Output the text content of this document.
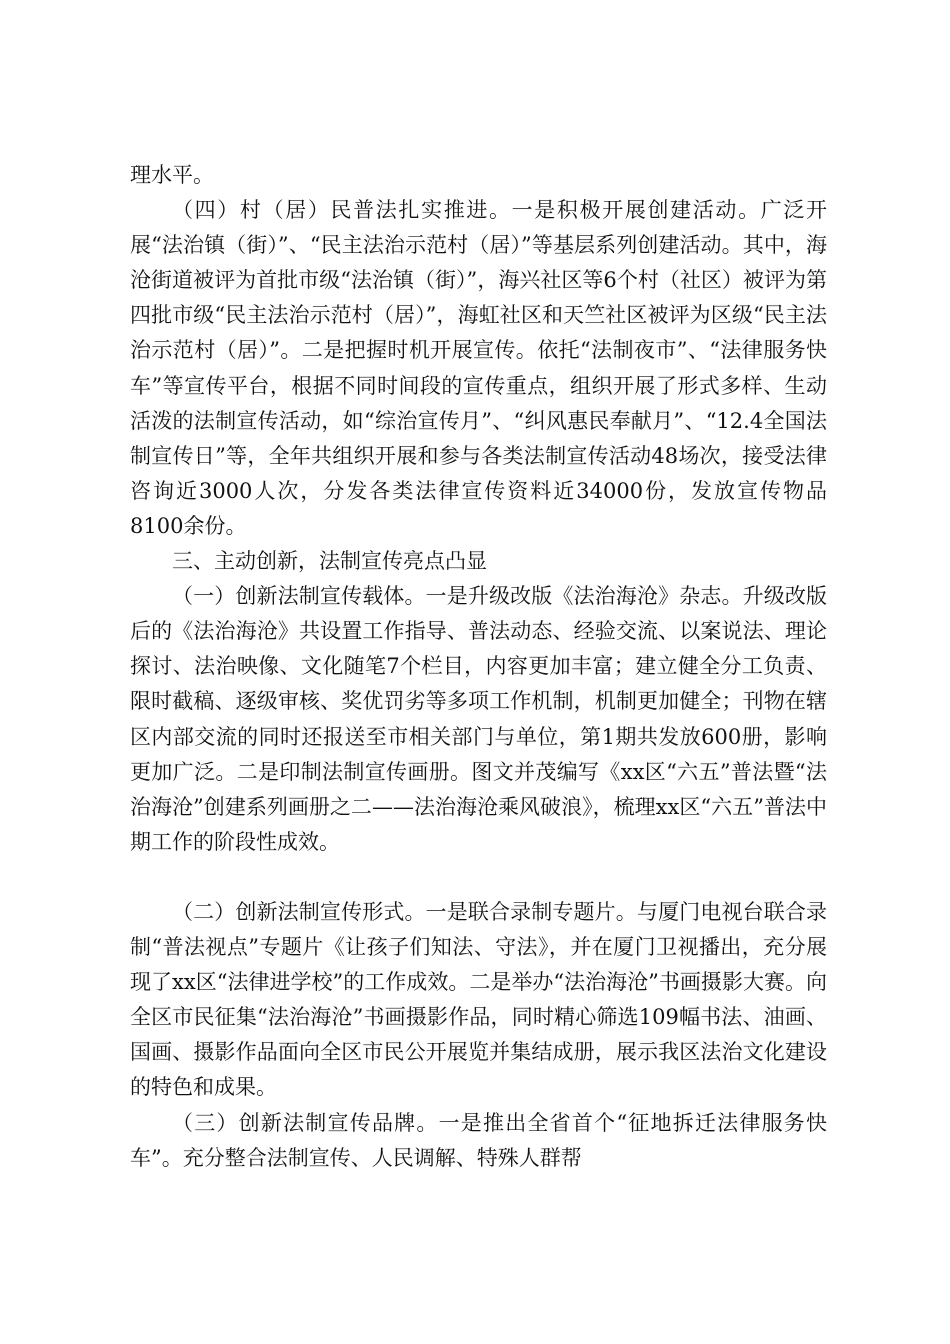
理水平。

（四）村（居）民普法扎实推进。一是积极开展创建活动。广泛开展“法治镇（街）”、“民主法治示范村（居）”等基层系列创建活动。其中，海沧街道被评为首批市级“法治镇（街）”，海兴社区等6个村（社区）被评为第四批市级“民主法治示范村（居）”，海虹社区和天竺社区被评为区级“民主法治示范村（居）”。二是把握时机开展宣传。依托“法制夜市”、“法律服务快车”等宣传平台，根据不同时间段的宣传重点，组织开展了形式多样、生动活泼的法制宣传活动，如“综治宣传月”、“纠风惠民奉献月”、“12.4全国法制宣传日”等，全年共组织开展和参与各类法制宣传活动48场次，接受法律咨询近3000人次，分发各类法律宣传资料近34000份，发放宣传物品8100余份。

三、主动创新，法制宣传亮点凸显

（一）创新法制宣传载体。一是升级改版《法治海沧》杂志。升级改版后的《法治海沧》共设置工作指导、普法动态、经验交流、以案说法、理论探讨、法治映像、文化随笔7个栏目，内容更加丰富；建立健全分工负责、限时截稿、逐级审核、奖优罚劣等多项工作机制，机制更加健全；刊物在辖区内部交流的同时还报送至市相关部门与单位，第1期共发放600册，影响更加广泛。二是印制法制宣传画册。图文并茂编写《xx区“六五”普法暨“法治海沧”创建系列画册之二——法治海沧乘风破浪》，梳理xx区“六五”普法中期工作的阶段性成效。

（二）创新法制宣传形式。一是联合录制专题片。与厦门电视台联合录制“普法视点”专题片《让孩子们知法、守法》，并在厦门卫视播出，充分展现了xx区“法律进学校”的工作成效。二是举办“法治海沧”书画摄影大赛。向全区市民征集“法治海沧”书画摄影作品，同时精心筛选109幅书法、油画、国画、摄影作品面向全区市民公开展览并集结成册，展示我区法治文化建设的特色和成果。

（三）创新法制宣传品牌。一是推出全省首个“征地拆迁法律服务快车”。充分整合法制宣传、人民调解、特殊人群帮
